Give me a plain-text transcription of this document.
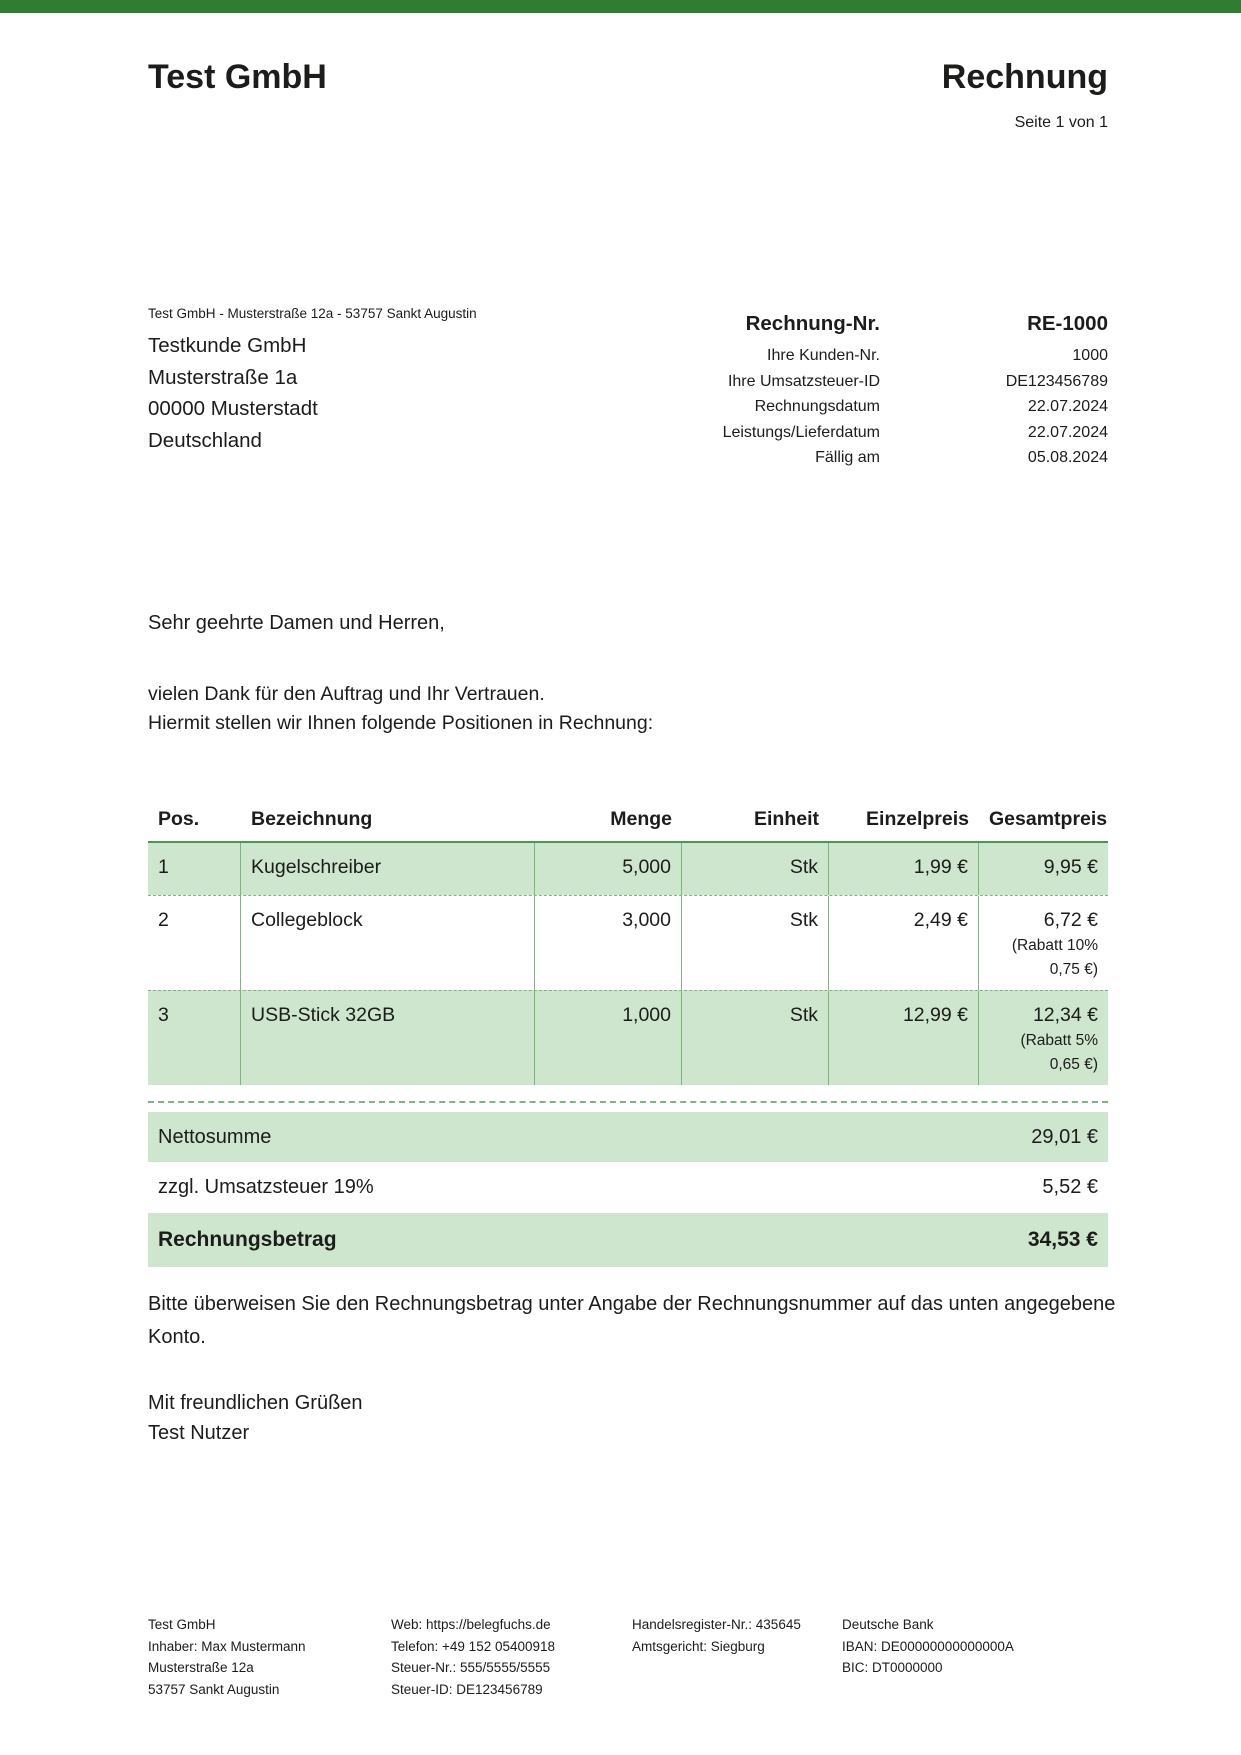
Test GmbH	Rechnung
Seite 1 von 1
Test GmbH - Musterstraße 12a - 53757 Sankt Augustin
Testkunde GmbH
Musterstraße 1a
00000 Musterstadt
Deutschland
Rechnung-Nr.	RE-1000
Ihre Kunden-Nr.	1000
Ihre Umsatzsteuer-ID	DE123456789
Rechnungsdatum	22.07.2024
Leistungs/Lieferdatum	22.07.2024
Fällig am	05.08.2024
Sehr geehrte Damen und Herren,
vielen Dank für den Auftrag und Ihr Vertrauen.
Hiermit stellen wir Ihnen folgende Positionen in Rechnung:
Pos.	Bezeichnung	Menge	Einheit	Einzelpreis	Gesamtpreis
1	Kugelschreiber	5,000	Stk	1,99 €	9,95 €
2	Collegeblock	3,000	Stk	2,49 €	6,72 €
(Rabatt 10%
0,75 €)
3	USB-Stick 32GB	1,000	Stk	12,99 €	12,34 €
(Rabatt 5%
0,65 €)
Nettosumme	29,01 €
zzgl. Umsatzsteuer 19%	5,52 €
Rechnungsbetrag	34,53 €
Bitte überweisen Sie den Rechnungsbetrag unter Angabe der Rechnungsnummer auf das unten angegebene
Konto.
Mit freundlichen Grüßen
Test Nutzer
Test GmbH
Inhaber: Max Mustermann
Musterstraße 12a
53757 Sankt Augustin
Web: https://belegfuchs.de
Telefon: +49 152 05400918
Steuer-Nr.: 555/5555/5555
Steuer-ID: DE123456789
Handelsregister-Nr.: 435645
Amtsgericht: Siegburg
Deutsche Bank
IBAN: DE00000000000000A
BIC: DT0000000
